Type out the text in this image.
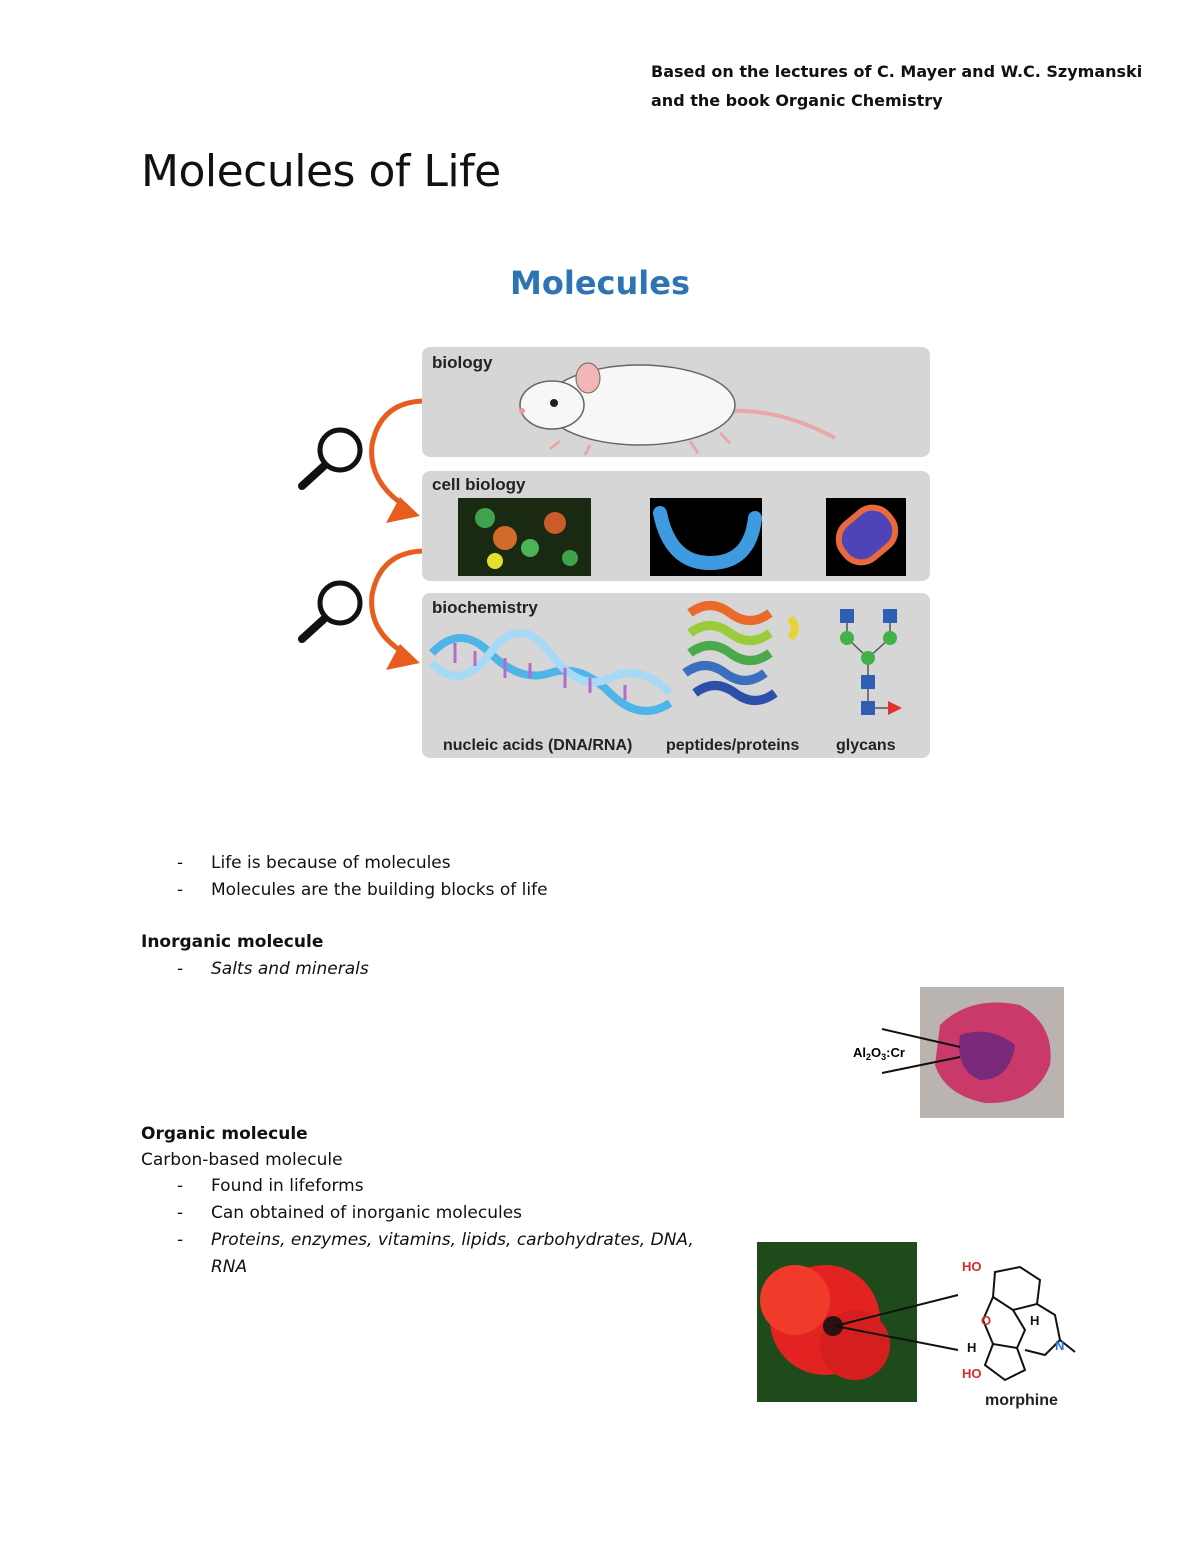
Based on the lectures of C. Mayer and W.C. Szymanski
and the book Organic Chemistry
Molecules of Life
Molecules
biology
cell biology
biochemistry
nucleic acids (DNA/RNA) peptides/proteins glycans
- Life is because of molecules
- Molecules are the building blocks of life
Inorganic molecule
- Salts and minerals
$Al_2O_3:Cr$
Organic molecule
Carbon-based molecule
- Found in lifeforms
- Can obtained of inorganic molecules
- Proteins, enzymes, vitamins, lipids, carbohydrates, DNA,
RNA	HO
O
H
H
N
HO
morphine
